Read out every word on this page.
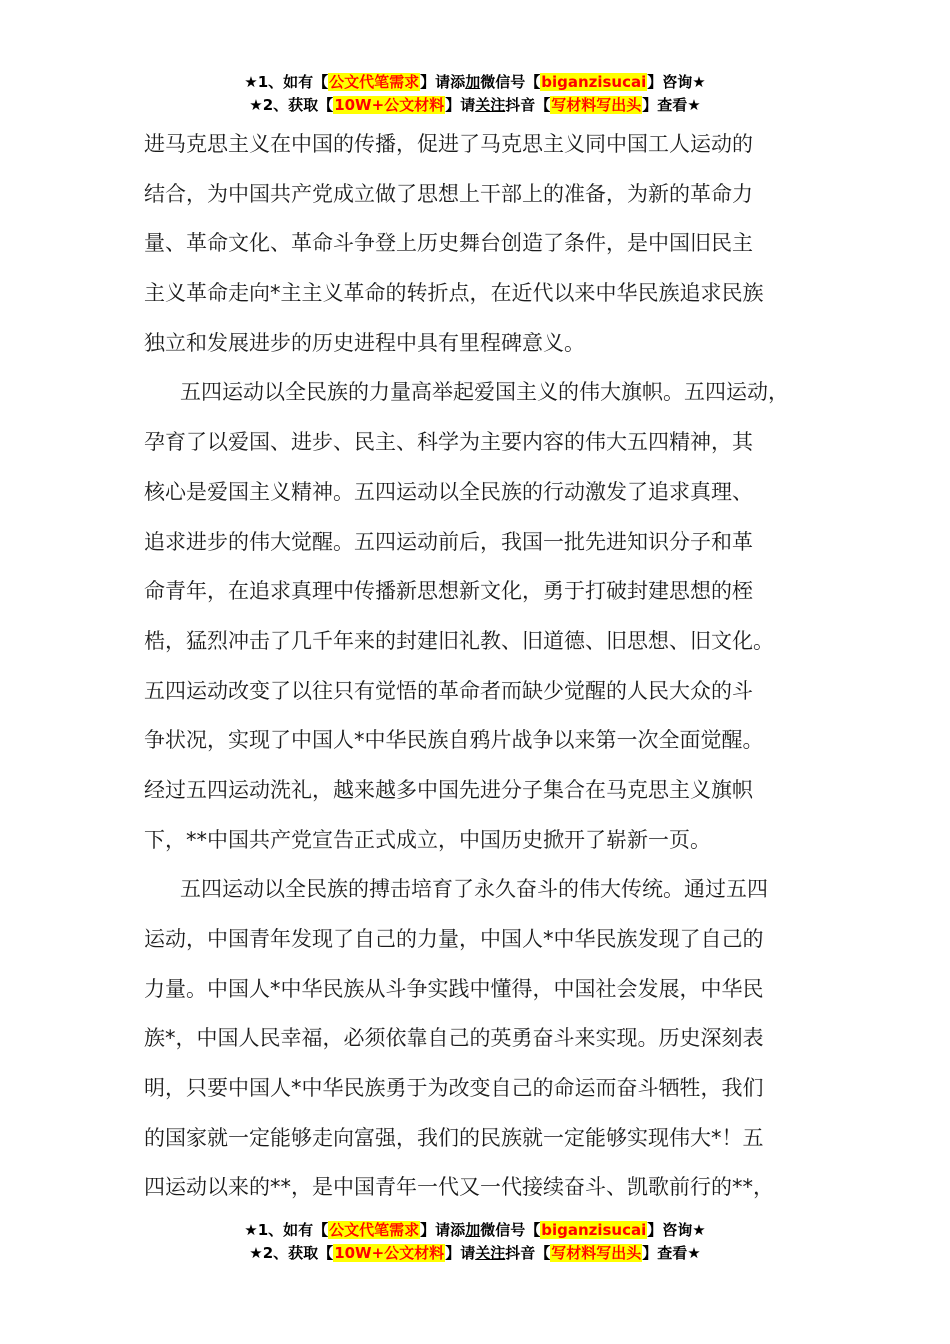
★1、如有【公文代笔需求】请添加微信号【biganzisucai】咨询★
★2、获取【10W+公文材料】请关注抖音【写材料写出头】查看★
进马克思主义在中国的传播，促进了马克思主义同中国工人运动的
结合，为中国共产党成立做了思想上干部上的准备，为新的革命力
量、革命文化、革命斗争登上历史舞台创造了条件，是中国旧民主
主义革命走向*主主义革命的转折点，在近代以来中华民族追求民族
独立和发展进步的历史进程中具有里程碑意义。
五四运动以全民族的力量高举起爱国主义的伟大旗帜。五四运动，
孕育了以爱国、进步、民主、科学为主要内容的伟大五四精神，其
核心是爱国主义精神。五四运动以全民族的行动激发了追求真理、
追求进步的伟大觉醒。五四运动前后，我国一批先进知识分子和革
命青年，在追求真理中传播新思想新文化，勇于打破封建思想的桎
梏，猛烈冲击了几千年来的封建旧礼教、旧道德、旧思想、旧文化。
五四运动改变了以往只有觉悟的革命者而缺少觉醒的人民大众的斗
争状况，实现了中国人*中华民族自鸦片战争以来第一次全面觉醒。
经过五四运动洗礼，越来越多中国先进分子集合在马克思主义旗帜
下，**中国共产党宣告正式成立，中国历史掀开了崭新一页。
五四运动以全民族的搏击培育了永久奋斗的伟大传统。通过五四
运动，中国青年发现了自己的力量，中国人*中华民族发现了自己的
力量。中国人*中华民族从斗争实践中懂得，中国社会发展，中华民
族*，中国人民幸福，必须依靠自己的英勇奋斗来实现。历史深刻表
明，只要中国人*中华民族勇于为改变自己的命运而奋斗牺牲，我们
的国家就一定能够走向富强，我们的民族就一定能够实现伟大*！五
四运动以来的**，是中国青年一代又一代接续奋斗、凯歌前行的**，
★1、如有【公文代笔需求】请添加微信号【biganzisucai】咨询★
★2、获取【10W+公文材料】请关注抖音【写材料写出头】查看★
